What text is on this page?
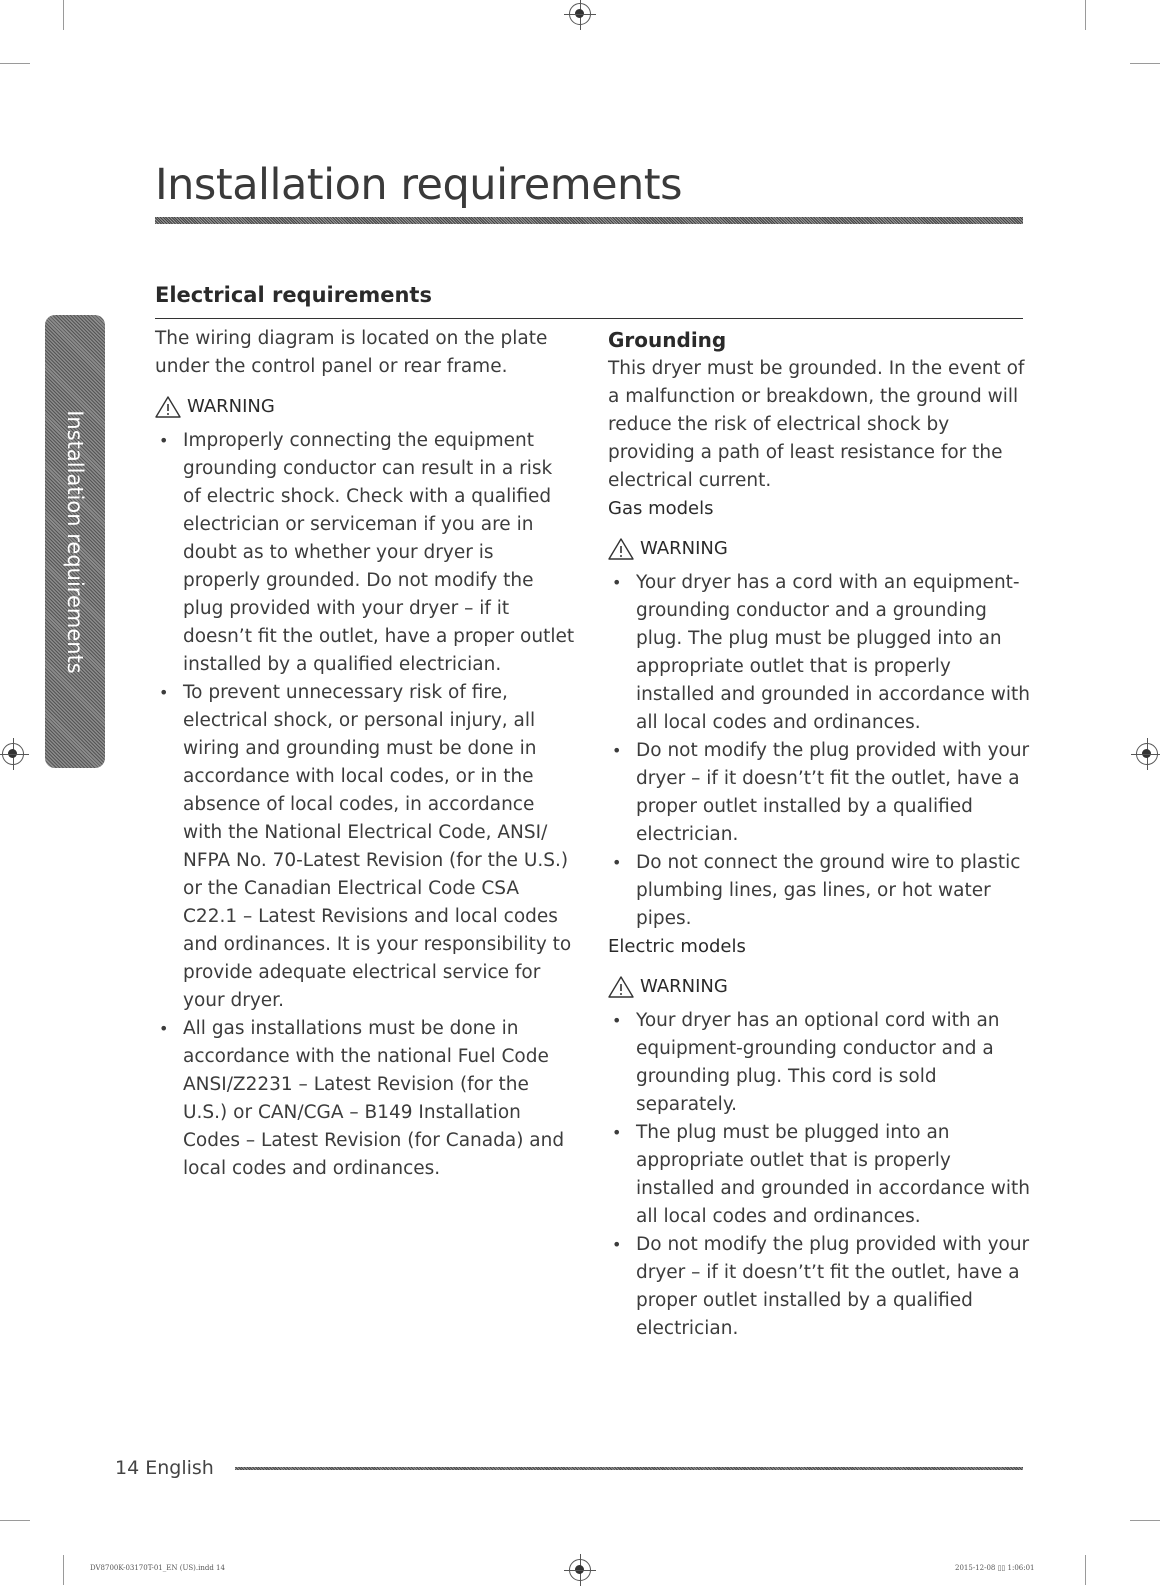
Installation requirements
Installation requirements
Electrical requirements

The wiring diagram is located on the plate under the control panel or rear frame.

WARNING
• Improperly connecting the equipment grounding conductor can result in a risk of electric shock. Check with a qualified electrician or serviceman if you are in doubt as to whether your dryer is properly grounded. Do not modify the plug provided with your dryer – if it doesn’t fit the outlet, have a proper outlet installed by a qualified electrician.
• To prevent unnecessary risk of fire, electrical shock, or personal injury, all wiring and grounding must be done in accordance with local codes, or in the absence of local codes, in accordance with the National Electrical Code, ANSI/ NFPA No. 70-Latest Revision (for the U.S.) or the Canadian Electrical Code CSA C22.1 – Latest Revisions and local codes and ordinances. It is your responsibility to provide adequate electrical service for your dryer.
• All gas installations must be done in accordance with the national Fuel Code ANSI/Z2231 – Latest Revision (for the U.S.) or CAN/CGA – B149 Installation Codes – Latest Revision (for Canada) and local codes and ordinances.
Grounding

This dryer must be grounded. In the event of a malfunction or breakdown, the ground will reduce the risk of electrical shock by providing a path of least resistance for the electrical current.

Gas models

WARNING
• Your dryer has a cord with an equipment-grounding conductor and a grounding plug. The plug must be plugged into an appropriate outlet that is properly installed and grounded in accordance with all local codes and ordinances.
• Do not modify the plug provided with your dryer – if it doesn’t’t fit the outlet, have a proper outlet installed by a qualified electrician.
• Do not connect the ground wire to plastic plumbing lines, gas lines, or hot water pipes.

Electric models

WARNING
• Your dryer has an optional cord with an equipment-grounding conductor and a grounding plug. This cord is sold separately.
• The plug must be plugged into an appropriate outlet that is properly installed and grounded in accordance with all local codes and ordinances.
• Do not modify the plug provided with your dryer – if it doesn’t’t fit the outlet, have a proper outlet installed by a qualified electrician.
14 English
DV8700K-03170T-01_EN (US).indd 14	2015-12-08 ▯▯ 1:06:01
